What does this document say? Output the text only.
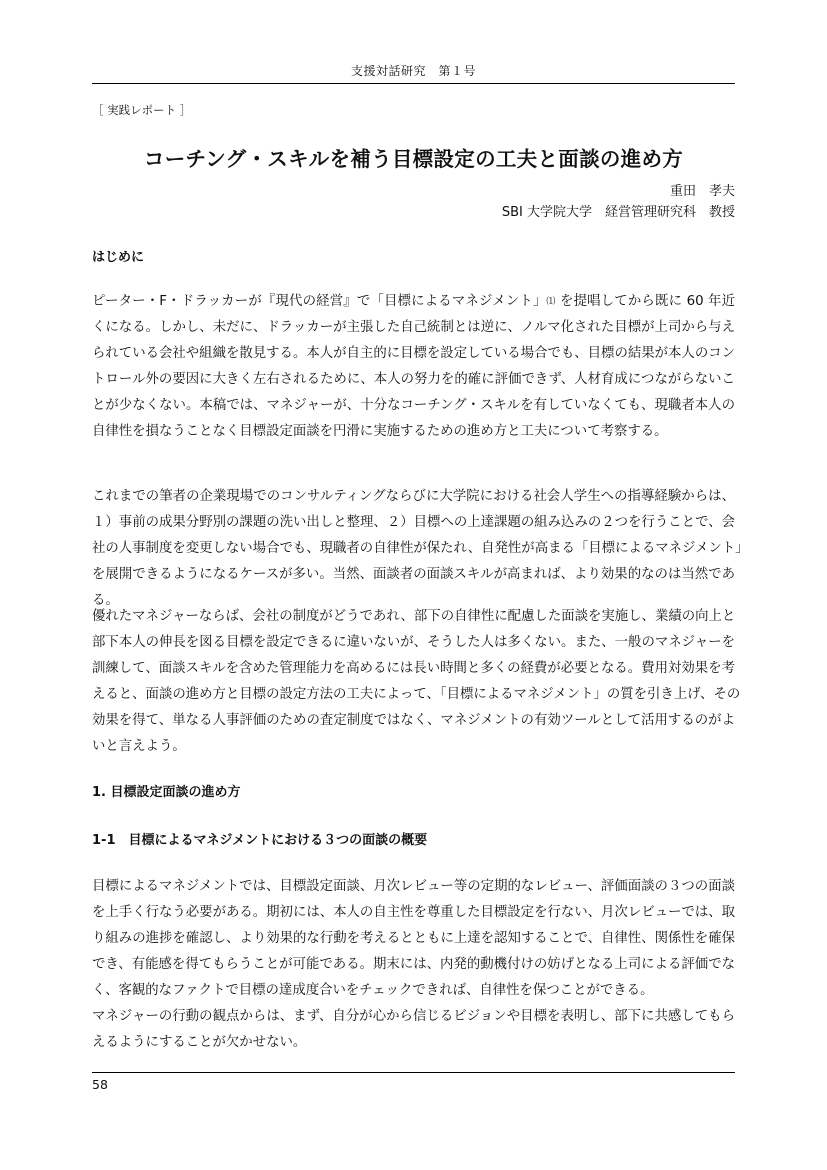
支援対話研究　第１号
［ 実践レポート ］
コーチング・スキルを補う目標設定の工夫と面談の進め方
重田　孝夫
SBI 大学院大学　経営管理研究科　教授
はじめに
ピーター・F・ドラッカーが『現代の経営』で「目標によるマネジメント」⑴ を提唱してから既に 60 年近
くになる。しかし、未だに、ドラッカーが主張した自己統制とは逆に、ノルマ化された目標が上司から与え
られている会社や組織を散見する。本人が自主的に目標を設定している場合でも、目標の結果が本人のコン
トロール外の要因に大きく左右されるために、本人の努力を的確に評価できず、人材育成につながらないこ
とが少なくない。本稿では、マネジャーが、十分なコーチング・スキルを有していなくても、現職者本人の
自律性を損なうことなく目標設定面談を円滑に実施するための進め方と工夫について考察する。
これまでの筆者の企業現場でのコンサルティングならびに大学院における社会人学生への指導経験からは、
１）事前の成果分野別の課題の洗い出しと整理、２）目標への上達課題の組み込みの２つを行うことで、会
社の人事制度を変更しない場合でも、現職者の自律性が保たれ、自発性が高まる「目標によるマネジメント」
を展開できるようになるケースが多い。当然、面談者の面談スキルが高まれば、より効果的なのは当然であ
る。
優れたマネジャーならば、会社の制度がどうであれ、部下の自律性に配慮した面談を実施し、業績の向上と
部下本人の伸長を図る目標を設定できるに違いないが、そうした人は多くない。また、一般のマネジャーを
訓練して、面談スキルを含めた管理能力を高めるには長い時間と多くの経費が必要となる。費用対効果を考
えると、面談の進め方と目標の設定方法の工夫によって、「目標によるマネジメント」の質を引き上げ、その
効果を得て、単なる人事評価のための査定制度ではなく、マネジメントの有効ツールとして活用するのがよ
いと言えよう。
1. 目標設定面談の進め方
1-1　目標によるマネジメントにおける３つの面談の概要
目標によるマネジメントでは、目標設定面談、月次レビュー等の定期的なレビュー、評価面談の３つの面談
を上手く行なう必要がある。期初には、本人の自主性を尊重した目標設定を行ない、月次レビューでは、取
り組みの進捗を確認し、より効果的な行動を考えるとともに上達を認知することで、自律性、関係性を確保
でき、有能感を得てもらうことが可能である。期末には、内発的動機付けの妨げとなる上司による評価でな
く、客観的なファクトで目標の達成度合いをチェックできれば、自律性を保つことができる。
マネジャーの行動の観点からは、まず、自分が心から信じるビジョンや目標を表明し、部下に共感してもら
えるようにすることが欠かせない。
58
